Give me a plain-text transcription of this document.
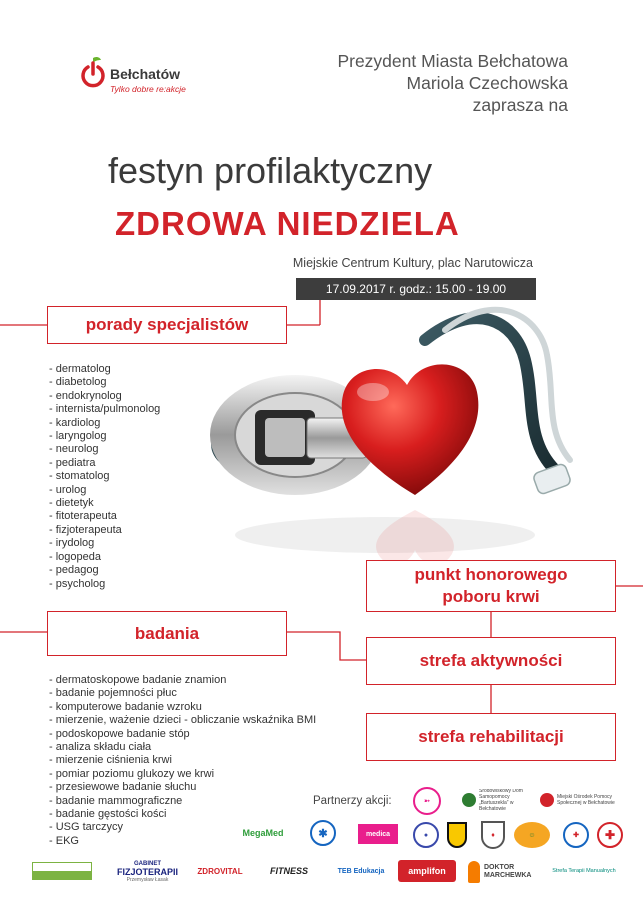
Bełchatów
Tylko dobre re:akcje
Prezydent Miasta Bełchatowa
Mariola Czechowska
zaprasza na
festyn profilaktyczny
ZDROWA NIEDZIELA
Miejskie Centrum Kultury, plac Narutowicza
17.09.2017 r. godz.: 15.00 - 19.00
porady specjalistów
badania
punkt honorowego
poboru krwi
strefa aktywności
strefa rehabilitacji
- dermatolog
- diabetolog
- endokrynolog
- internista/pulmonolog
- kardiolog
- laryngolog
- neurolog
- pediatra
- stomatolog
- urolog
- dietetyk
- fitoterapeuta
- fizjoterapeuta
- irydolog
- logopeda
- pedagog
- psycholog
- dermatoskopowe badanie znamion
- badanie pojemności płuc
- komputerowe badanie wzroku
- mierzenie, ważenie dzieci - obliczanie wskaźnika BMI
- podoskopowe badanie stóp
- analiza składu ciała
- mierzenie ciśnienia krwi
- pomiar poziomu glukozy we krwi
- przesiewowe badanie słuchu
- badanie mammograficzne
- badanie gęstości kości
- USG tarczycy
- EKG
Partnerzy akcji:	➳
Środowiskowy Dom Samopomocy „Bartuszekla” w Bełchatowie
Miejski Ośrodek Pomocy Społecznej w Bełchatowie
MegaMed	✱	medica	●	♦	☺	✚	✚
GABINET
FIZJOTERAPII
Przemysław Łasak
ZDROVITAL	FITNESS	TEB Edukacja	amplifon	DOKTOR
MARCHEWKA
Strefa Terapii Manualnych
